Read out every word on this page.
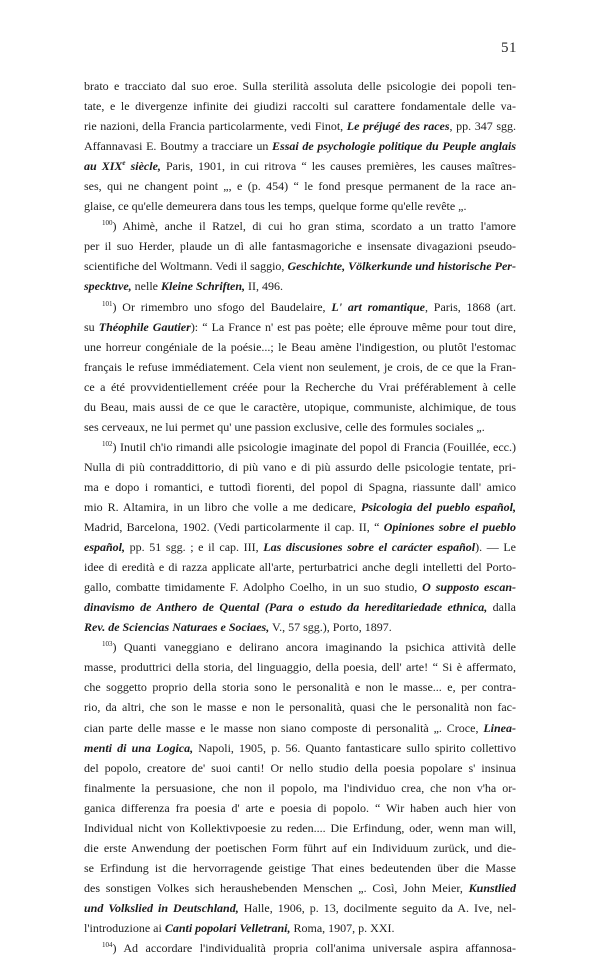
51
brato e tracciato dal suo eroe. Sulla sterilità assoluta delle psicologie dei popoli ten-
tate, e le divergenze infinite dei giudizi raccolti sul carattere fondamentale delle va-
rie nazioni, della Francia particolarmente, vedi Finot, Le préjugé des races, pp. 347 sgg.
Affannavasi E. Boutmy a tracciare un Essai de psychologie politique du Peuple anglais
au XIXe siècle, Paris, 1901, in cui ritrova “ les causes premières, les causes maîtres-
ses, qui ne changent point „, e (p. 454) “ le fond presque permanent de la race an-
glaise, ce qu'elle demeurera dans tous les temps, quelque forme qu'elle revête „.
$^{100}$) Ahimè, anche il Ratzel, di cui ho gran stima, scordato a un tratto l'amore
per il suo Herder, plaude un dì alle fantasmagoriche e insensate divagazioni pseudo-
scientifiche del Woltmann. Vedi il saggio, Geschichte, Völkerkunde und historische Per-
specktıve, nelle Kleine Schriften, II, 496.
$^{101}$) Or rimembro uno sfogo del Baudelaire, L' art romantique, Paris, 1868 (art.
su Théophile Gautier): “ La France n' est pas poète; elle éprouve même pour tout dire,
une horreur congéniale de la poésie...; le Beau amène l'indigestion, ou plutôt l'estomac
français le refuse immédiatement. Cela vient non seulement, je crois, de ce que la Fran-
ce a été provvidentiellement créée pour la Recherche du Vrai préférablement à celle
du Beau, mais aussi de ce que le caractère, utopique, communiste, alchimique, de tous
ses cerveaux, ne lui permet qu' une passion exclusive, celle des formules sociales „.
$^{102}$) Inutil ch'io rimandi alle psicologie imaginate del popol di Francia (Fouillée, ecc.)
Nulla di più contraddittorio, di più vano e di più assurdo delle psicologie tentate, pri-
ma e dopo i romantici, e tuttodì fiorenti, del popol di Spagna, riassunte dall' amico
mio R. Altamira, in un libro che volle a me dedicare, Psicologia del pueblo español,
Madrid, Barcelona, 1902. (Vedi particolarmente il cap. II, “ Opiniones sobre el pueblo
español, pp. 51 sgg. ; e il cap. III, Las discusiones sobre el carácter español). — Le
idee di eredità e di razza applicate all'arte, perturbatrici anche degli intelletti del Porto-
gallo, combatte timidamente F. Adolpho Coelho, in un suo studio, O supposto escan-
dinavismo de Anthero de Quental (Para o estudo da hereditariedade ethnica, dalla
Rev. de Sciencias Naturaes e Sociaes, V., 57 sgg.), Porto, 1897.
$^{103}$) Quanti vaneggiano e delirano ancora imaginando la psichica attività delle
masse, produttrici della storia, del linguaggio, della poesia, dell' arte! “ Si è affermato,
che soggetto proprio della storia sono le personalità e non le masse... e, per contra-
rio, da altri, che son le masse e non le personalità, quasi che le personalità non fac-
cian parte delle masse e le masse non siano composte di personalità „. Croce, Linea-
menti di una Logica, Napoli, 1905, p. 56. Quanto fantasticare sullo spirito collettivo
del popolo, creatore de' suoi canti! Or nello studio della poesia popolare s' insinua
finalmente la persuasione, che non il popolo, ma l'individuo crea, che non v'ha or-
ganica differenza fra poesia d' arte e poesia di popolo. “ Wir haben auch hier von
Individual nicht von Kollektivpoesie zu reden.... Die Erfindung, oder, wenn man will,
die erste Anwendung der poetischen Form führt auf ein Individuum zurück, und die-
se Erfindung ist die hervorragende geistige That eines bedeutenden über die Masse
des sonstigen Volkes sich heraushebenden Menschen „. Così, John Meier, Kunstlied
und Volkslied in Deutschland, Halle, 1906, p. 13, docilmente seguito da A. Ive, nel-
l'introduzione ai Canti popolari Velletrani, Roma, 1907, p. XXI.
$^{104}$) Ad accordare l'individualità propria coll'anima universale aspira affannosa-
